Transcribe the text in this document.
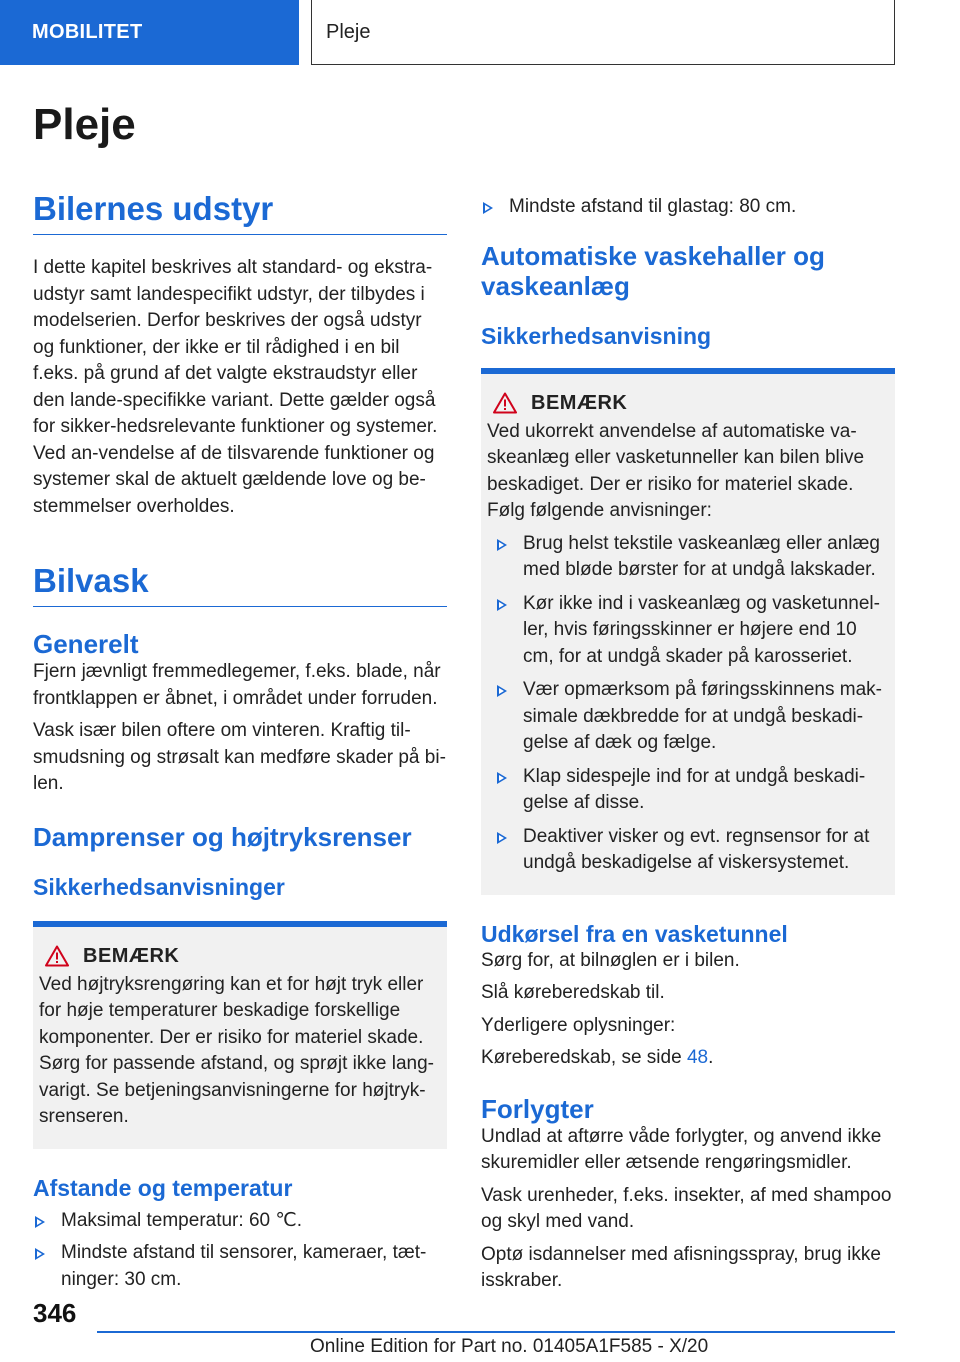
MOBILITET	Pleje
Pleje
Bilernes udstyr

I dette kapitel beskrives alt standard- og ekstra-udstyr samt landespecifikt udstyr, der tilbydes i modelserien. Derfor beskrives der også udstyr og funktioner, der ikke er til rådighed i en bil f.eks. på grund af det valgte ekstraudstyr eller den lande-specifikke variant. Dette gælder også for sikker-hedsrelevante funktioner og systemer. Ved an-vendelse af de tilsvarende funktioner og systemer skal de aktuelt gældende love og be-stemmelser overholdes.

Bilvask
Generelt

Fjern jævnligt fremmedlegemer, f.eks. blade, når frontklappen er åbnet, i området under forruden.

Vask især bilen oftere om vinteren. Kraftig til-smudsning og strøsalt kan medføre skader på bi-len.

Damprenser og højtryksrenser
Sikkerhedsanvisninger
BEMÆRK

Ved højtryksrengøring kan et for højt tryk eller for høje temperaturer beskadige forskellige komponenter. Der er risiko for materiel skade. Sørg for passende afstand, og sprøjt ikke lang-varigt. Se betjeningsanvisningerne for højtryk-srenseren.

Afstande og temperatur
Maksimal temperatur: 60 ℃.
Mindste afstand til sensorer, kameraer, tæt-ninger: 30 cm.
Mindste afstand til glastag: 80 cm.
Automatiske vaskehaller og vaskeanlæg
Sikkerhedsanvisning
BEMÆRK

Ved ukorrekt anvendelse af automatiske va-skeanlæg eller vasketunneller kan bilen blive beskadiget. Der er risiko for materiel skade. Følg følgende anvisninger:

Brug helst tekstile vaskeanlæg eller anlæg med bløde børster for at undgå lakskader.
Kør ikke ind i vaskeanlæg og vasketunnel-ler, hvis føringsskinner er højere end 10 cm, for at undgå skader på karosseriet.
Vær opmærksom på føringsskinnens mak-simale dækbredde for at undgå beskadi-gelse af dæk og fælge.
Klap sidespejle ind for at undgå beskadi-gelse af disse.
Deaktiver visker og evt. regnsensor for at undgå beskadigelse af viskersystemet.
Udkørsel fra en vasketunnel

Sørg for, at bilnøglen er i bilen.

Slå køreberedskab til.

Yderligere oplysninger:

Køreberedskab, se side 48.

Forlygter

Undlad at aftørre våde forlygter, og anvend ikke skuremidler eller ætsende rengøringsmidler.

Vask urenheder, f.eks. insekter, af med shampoo og skyl med vand.

Optø isdannelser med afisningsspray, brug ikke isskraber.

346
Online Edition for Part no. 01405A1F585 - X/20
